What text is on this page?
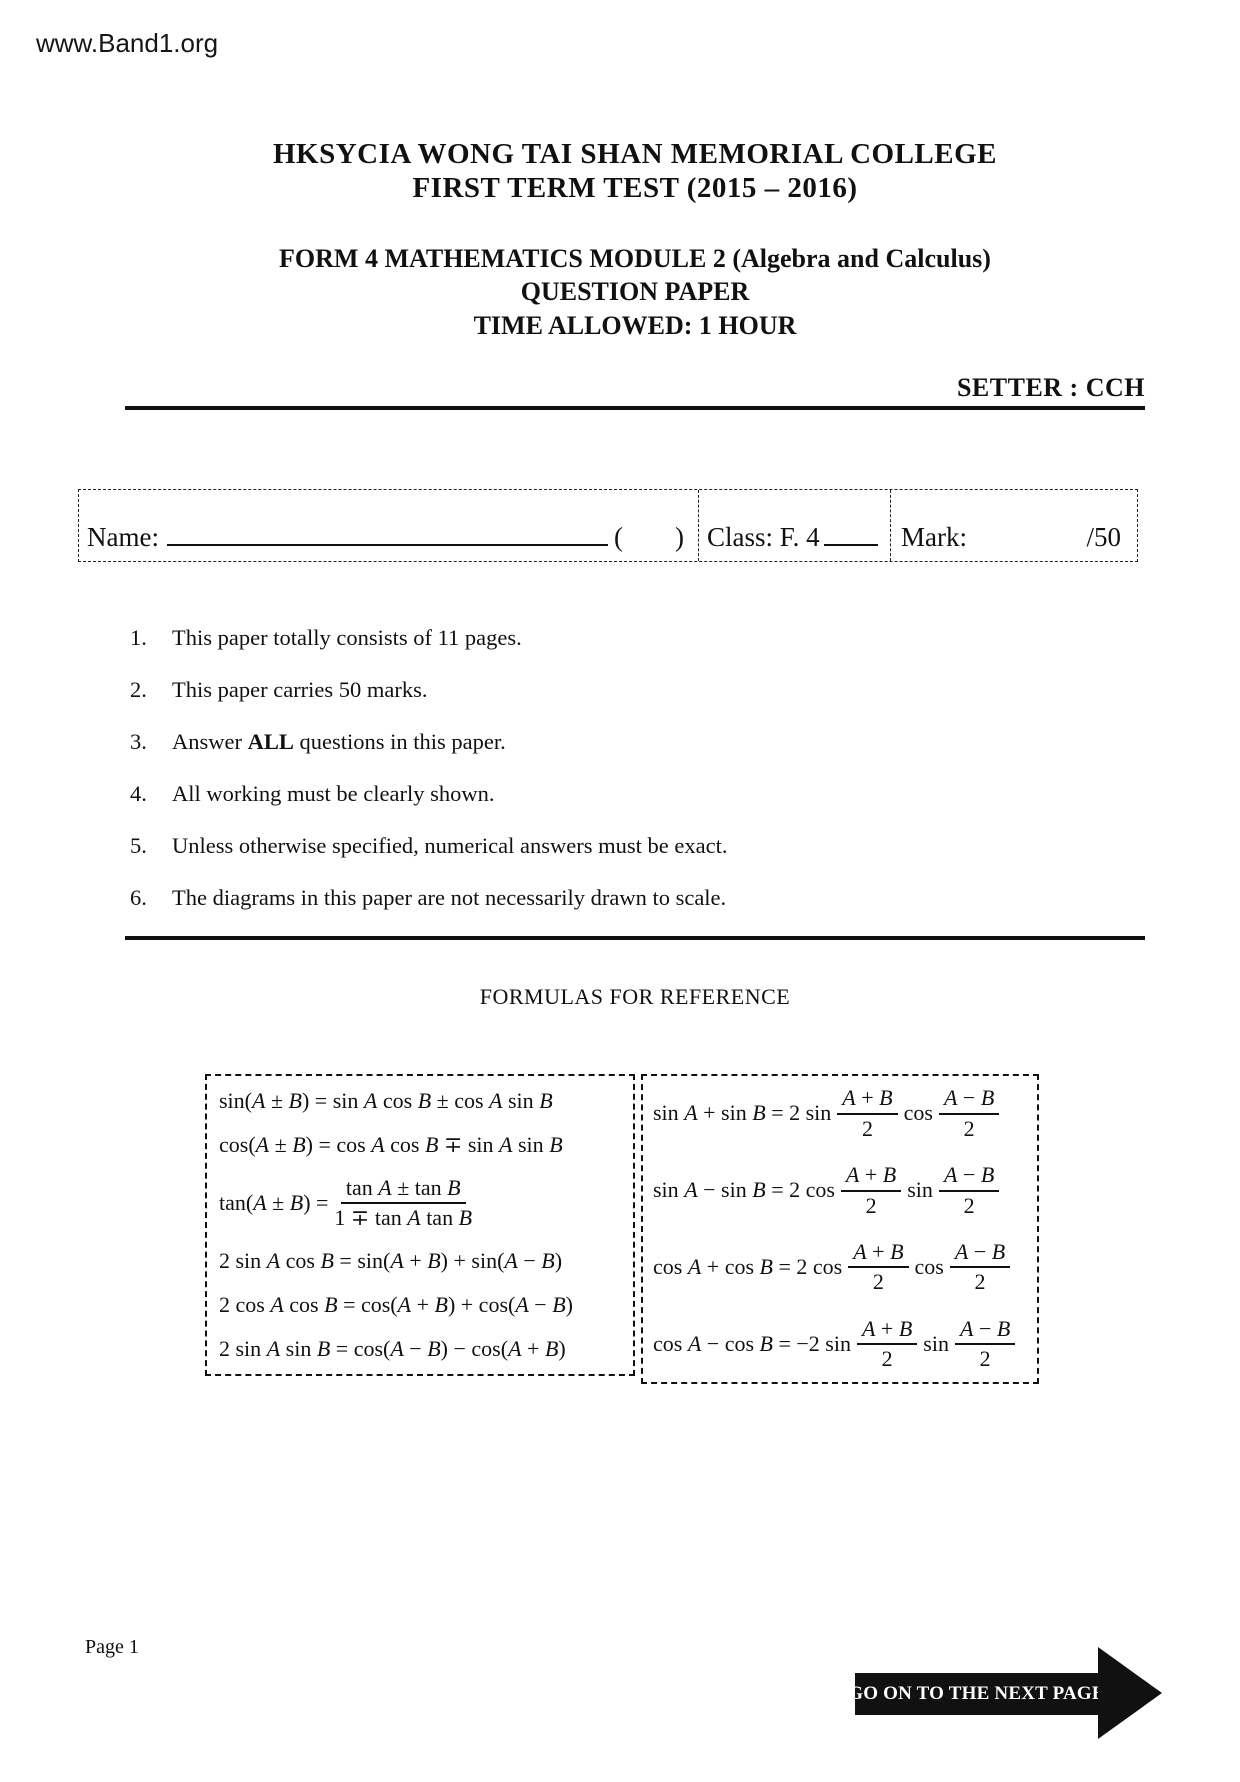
www.Band1.org
HKSYCIA WONG TAI SHAN MEMORIAL COLLEGE
FIRST TERM TEST (2015 – 2016)
FORM 4 MATHEMATICS MODULE 2 (Algebra and Calculus)
QUESTION PAPER
TIME ALLOWED: 1 HOUR
SETTER : CCH
Name:	( ) Class: F. 4	Mark:	/50
1.	This paper totally consists of 11 pages.
2.	This paper carries 50 marks.
3.	Answer ALL questions in this paper.
4.	All working must be clearly shown.
5.	Unless otherwise specified, numerical answers must be exact.
6.	The diagrams in this paper are not necessarily drawn to scale.
FORMULAS FOR REFERENCE
sin(A ± B) = sin A cos B ± cos A sin B
cos(A ± B) = cos A cos B ∓ sin A sin B
$\tan(A \pm B) = \frac{\text{tan A ± tan B}}{\text{1 ∓ tan A tan B}}$
2 sin A cos B = sin(A + B) + sin(A − B)
2 cos A cos B = cos(A + B) + cos(A − B)
2 sin A sin B = cos(A − B) − cos(A + B)
sin A + sin B = 2 $\sin \frac{A + B}{2}$ $\cos \frac{A - B}{2}$
sin A − sin B = 2 $\cos \frac{A + B}{2}$ $\sin \frac{A - B}{2}$
cos A + cos B = 2 $\cos \frac{A + B}{2}$ $\cos \frac{A - B}{2}$
cos A − cos B = −2 $\sin \frac{A + B}{2}$ $\sin \frac{A - B}{2}$
Page 1
GO ON TO THE NEXT PAGE
